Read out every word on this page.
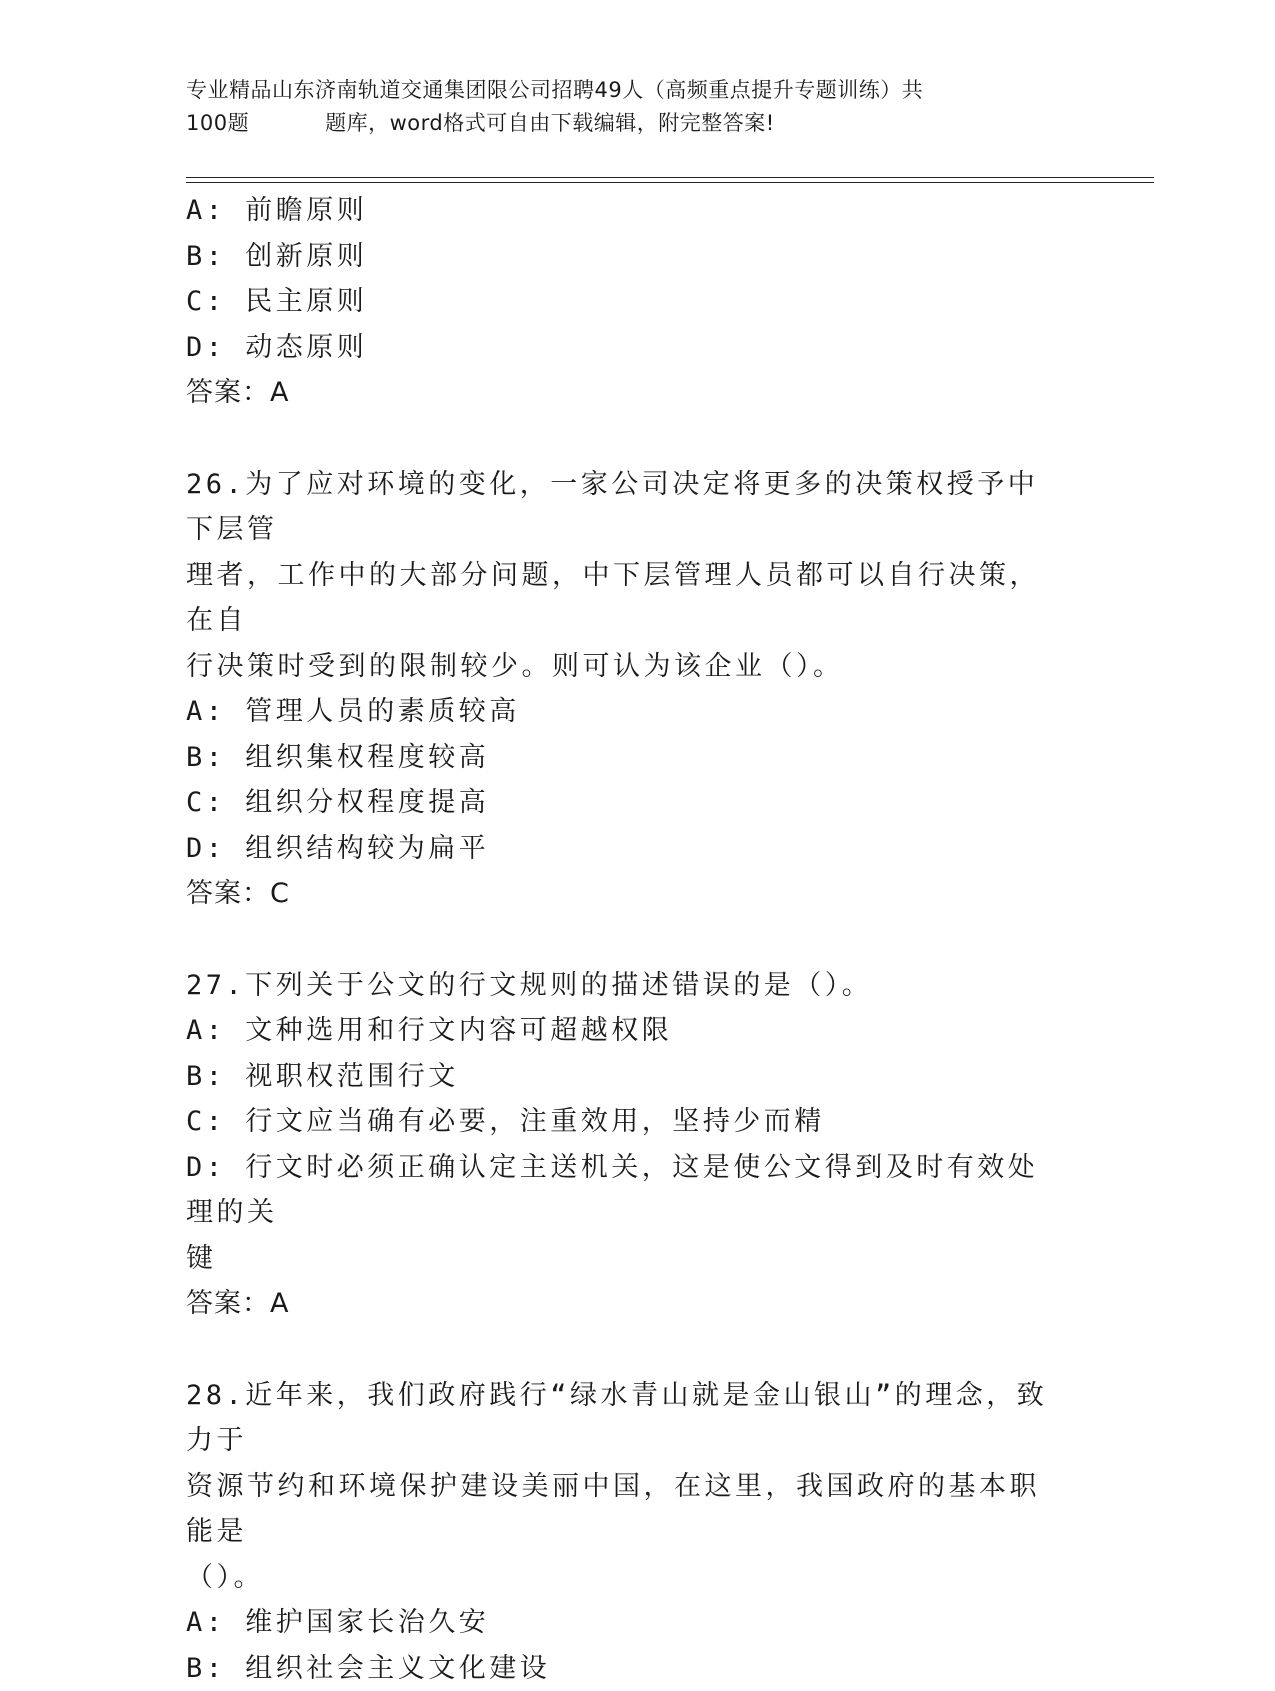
专业精品山东济南轨道交通集团限公司招聘49人（高频重点提升专题训练）共
100题	题库，word格式可自由下载编辑，附完整答案!

A: 前瞻原则

B: 创新原则

C: 民主原则

D: 动态原则

答案：A

26.为了应对环境的变化，一家公司决定将更多的决策权授予中下层管

理者，工作中的大部分问题，中下层管理人员都可以自行决策，在自

行决策时受到的限制较少。则可认为该企业（）。

A: 管理人员的素质较高

B: 组织集权程度较高

C: 组织分权程度提高

D: 组织结构较为扁平

答案：C

27.下列关于公文的行文规则的描述错误的是（）。

A: 文种选用和行文内容可超越权限

B: 视职权范围行文

C: 行文应当确有必要，注重效用，坚持少而精

D: 行文时必须正确认定主送机关，这是使公文得到及时有效处理的关

键

答案：A

28.近年来，我们政府践行“绿水青山就是金山银山”的理念，致力于

资源节约和环境保护建设美丽中国，在这里，我国政府的基本职能是

（）。

A: 维护国家长治久安

B: 组织社会主义文化建设
